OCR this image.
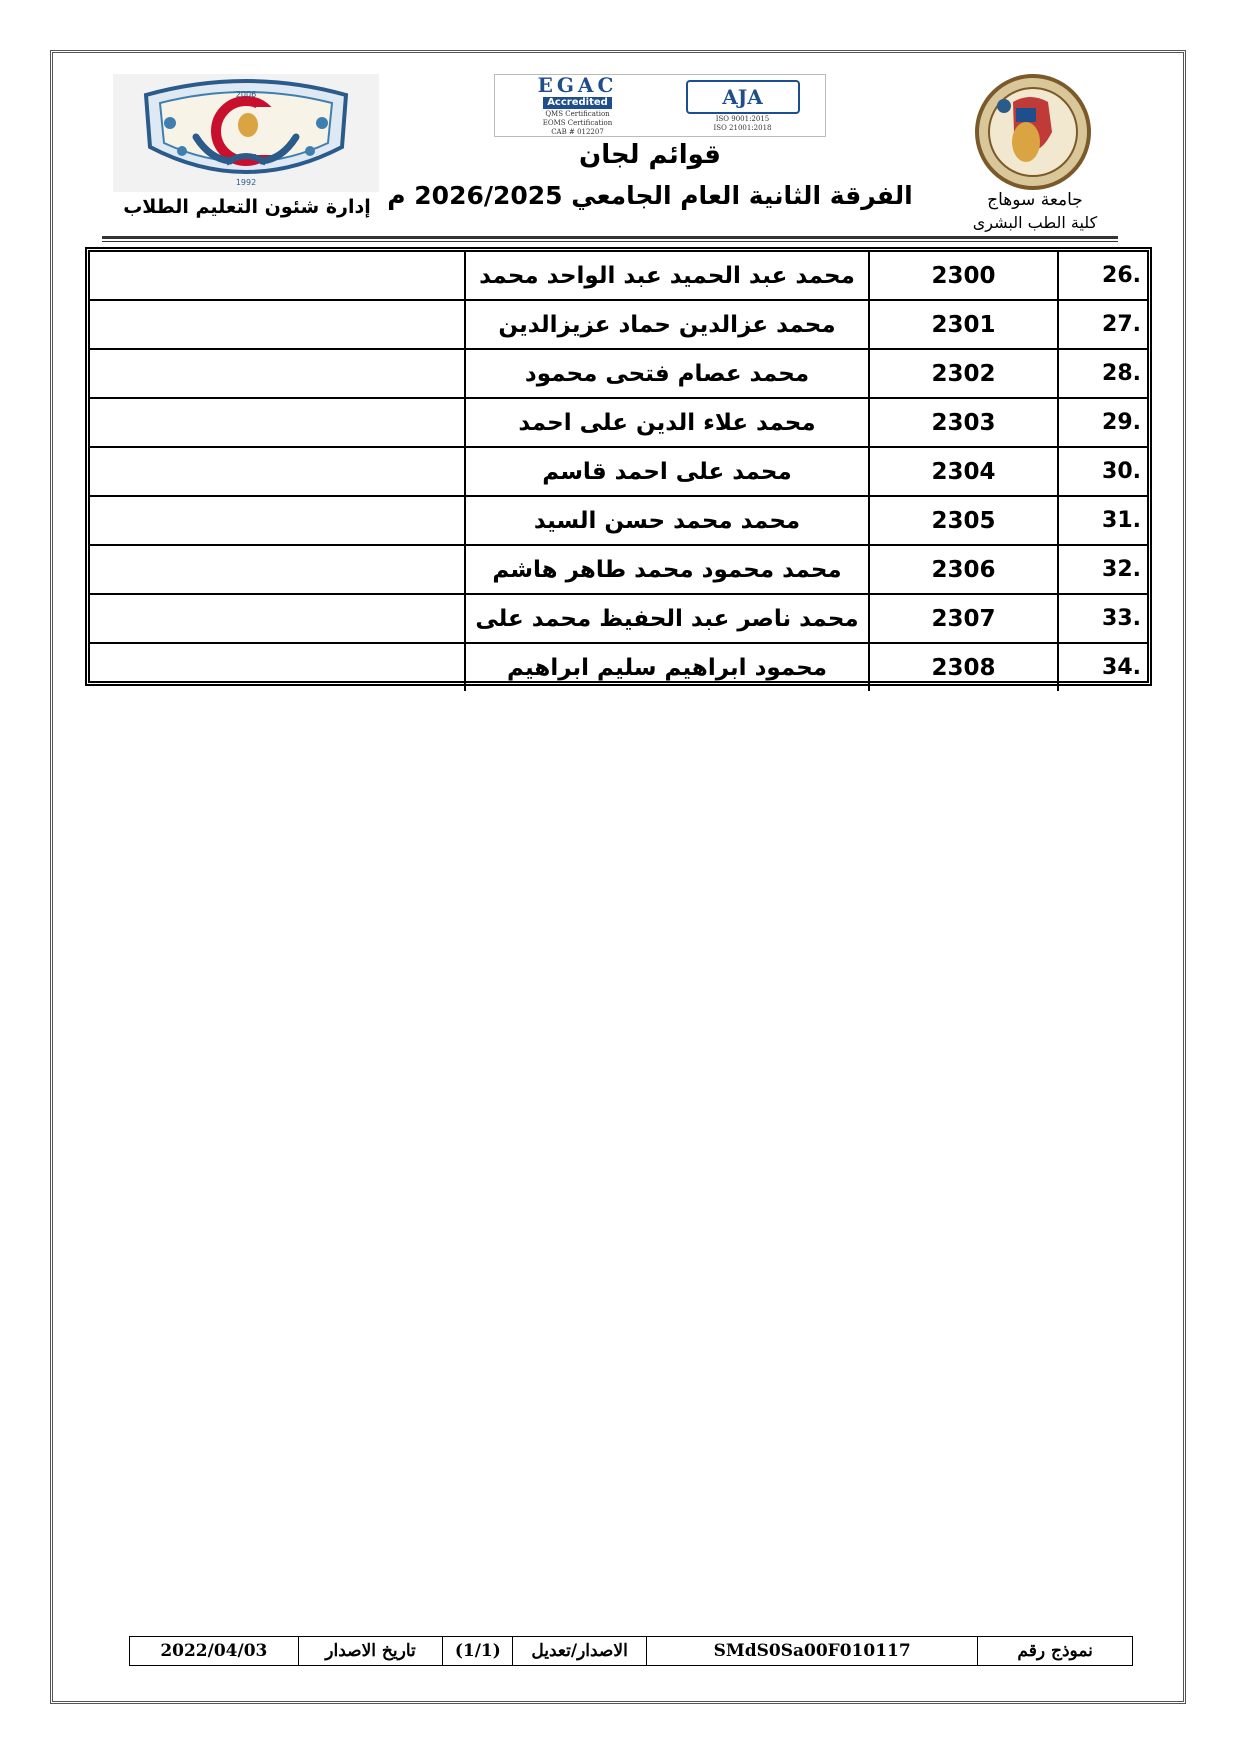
2006
1992
EGAC
Accredited
QMS Certification
EOMS Certification
CAB # 012207
AJA
ISO 9001:2015
ISO 21001:2018
قوائم لجان
الفرقة الثانية العام الجامعي 2026/2025 م
إدارة شئون التعليم الطلاب	جامعة سوهاج
كلية الطب البشرى
26.	2300	محمد عبد الحميد عبد الواحد محمد	
27.	2301	محمد عزالدين حماد عزيزالدين	
28.	2302	محمد عصام فتحى محمود	
29.	2303	محمد علاء الدين على احمد	
30.	2304	محمد على احمد قاسم	
31.	2305	محمد محمد حسن السيد	
32.	2306	محمد محمود محمد طاهر هاشم	
33.	2307	محمد ناصر عبد الحفيظ محمد على	
34.	2308	محمود ابراهيم سليم ابراهيم	
نموذج رقم
SMdS0Sa00F010117
الاصدار/تعديل
(1/1)
تاريخ الاصدار
2022/04/03
